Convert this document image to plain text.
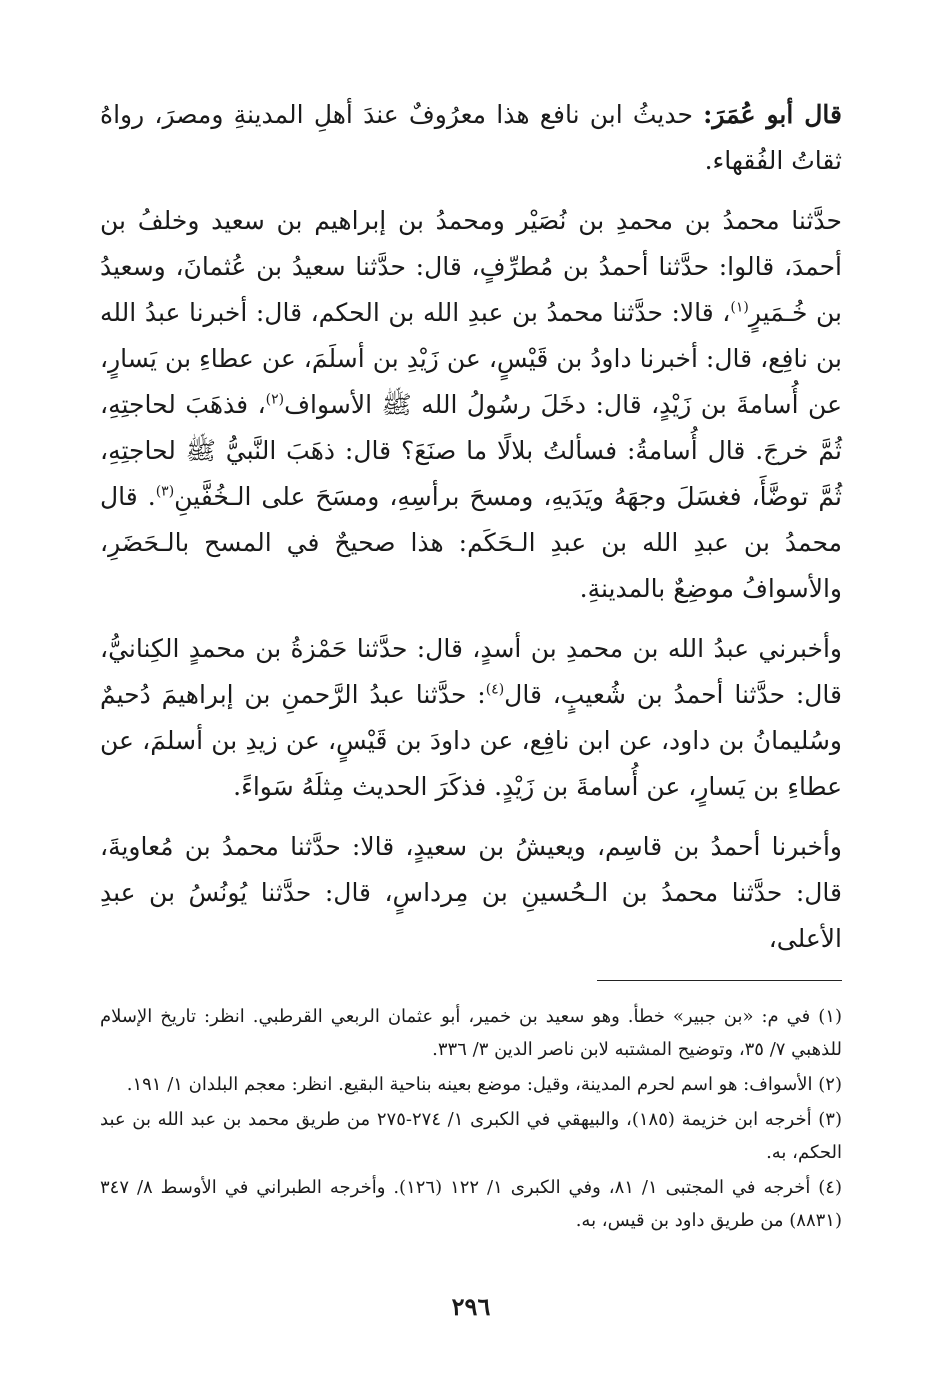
قال أبو عُمَرَ: حديثُ ابن نافع هذا معرُوفٌ عندَ أهلِ المدينةِ ومصرَ، رواهُ ثقاتُ الفُقهاء.

حدَّثنا محمدُ بن محمدِ بن نُصَيْر ومحمدُ بن إبراهيم بن سعيد وخلفُ بن أحمدَ، قالوا: حدَّثنا أحمدُ بن مُطرِّفٍ، قال: حدَّثنا سعيدُ بن عُثمانَ، وسعيدُ بن خُـمَيرٍ$^{(١)}$، قالا: حدَّثنا محمدُ بن عبدِ الله بن الحكم، قال: أخبرنا عبدُ الله بن نافِع، قال: أخبرنا داودُ بن قَيْسٍ، عن زَيْدِ بن أسلَمَ، عن عطاءِ بن يَسارٍ، عن أُسامةَ بن زَيْدٍ، قال: دخَلَ رسُولُ الله ﷺ الأسواف$^{(٢)}$، فذهَبَ لحاجتِهِ، ثُمَّ خرجَ. قال أُسامةُ: فسألتُ بلالًا ما صنَعَ؟ قال: ذهَبَ النَّبيُّ ﷺ لحاجتِهِ، ثُمَّ توضَّأَ، فغسَلَ وجهَهُ ويَدَيهِ، ومسحَ برأسِهِ، ومسَحَ على الـخُفَّينِ$^{(٣)}$. قال محمدُ بن عبدِ الله بن عبدِ الـحَكَم: هذا صحيحٌ في المسح بالـحَضَرِ، والأسوافُ موضِعٌ بالمدينةِ.

وأخبرني عبدُ الله بن محمدِ بن أسدٍ، قال: حدَّثنا حَمْزةُ بن محمدٍ الكِنانيُّ، قال: حدَّثنا أحمدُ بن شُعيبٍ، قال$^{(٤)}$: حدَّثنا عبدُ الرَّحمنِ بن إبراهيمَ دُحيمٌ وسُليمانُ بن داود، عن ابن نافِع، عن داودَ بن قَيْسٍ، عن زيدِ بن أسلمَ، عن عطاءِ بن يَسارٍ، عن أُسامةَ بن زَيْدٍ. فذكَرَ الحديث مِثلَهُ سَواءً.

وأخبرنا أحمدُ بن قاسِم، ويعيشُ بن سعيدٍ، قالا: حدَّثنا محمدُ بن مُعاويةَ، قال: حدَّثنا محمدُ بن الـحُسينِ بن مِرداسٍ، قال: حدَّثنا يُونُسُ بن عبدِ الأعلى،

(١) في م: «بن جبير» خطأ. وهو سعيد بن خمير، أبو عثمان الربعي القرطبي. انظر: تاريخ الإسلام للذهبي ٧/ ٣٥، وتوضيح المشتبه لابن ناصر الدين ٣/ ٣٣٦.

(٢) الأسواف: هو اسم لحرم المدينة، وقيل: موضع بعينه بناحية البقيع. انظر: معجم البلدان ١/ ١٩١.

(٣) أخرجه ابن خزيمة (١٨٥)، والبيهقي في الكبرى ١/ ٢٧٤-٢٧٥ من طريق محمد بن عبد الله بن عبد الحكم، به.

(٤) أخرجه في المجتبى ١/ ٨١، وفي الكبرى ١/ ١٢٢ (١٢٦). وأخرجه الطبراني في الأوسط ٨/ ٣٤٧ (٨٨٣١) من طريق داود بن قيس، به.

٢٩٦
